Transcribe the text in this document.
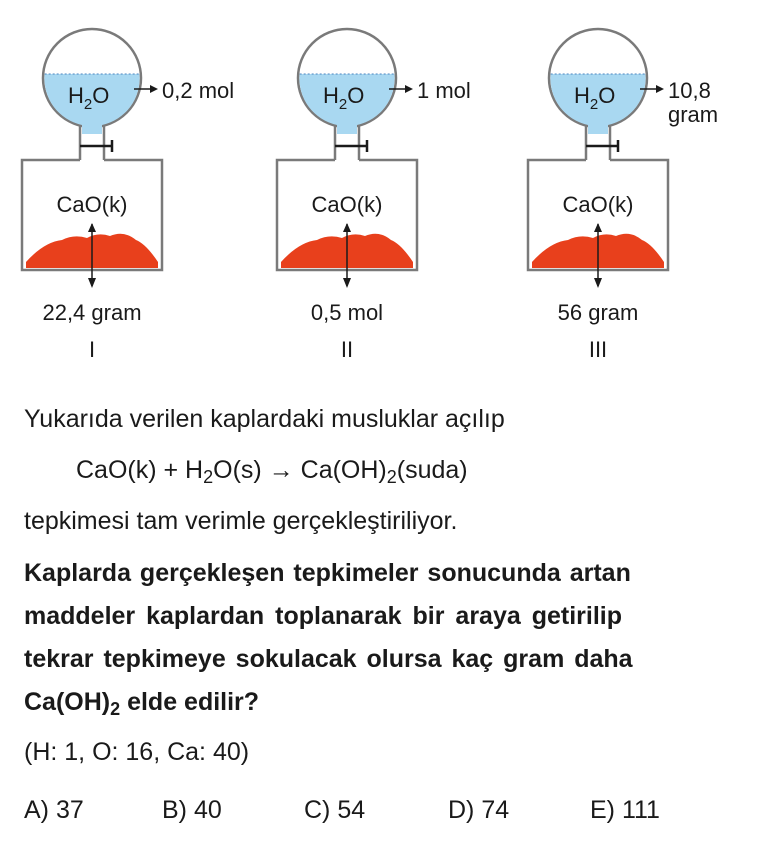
$H_2O$ 0,2 mol
CaO(k)
22,4 gram
I
$H_2O$ 1 mol
CaO(k)
0,5 mol
II
$H_2O$ 10,8
gram
CaO(k)
56 gram
III
Yukarıda verilen kaplardaki musluklar açılıp
$CaO(k) + H_2O(s)$ → $Ca(OH)_2(suda)$
tepkimesi tam verimle gerçekleştiriliyor.
Kaplarda gerçekleşen tepkimeler sonucunda artan
maddeler kaplardan toplanarak bir araya getirilip
tekrar tepkimeye sokulacak olursa kaç gram daha
$Ca(OH)_2$ elde edilir?
(H: 1, O: 16, Ca: 40)
A) 37	B) 40	C) 54	D) 74	E) 111
